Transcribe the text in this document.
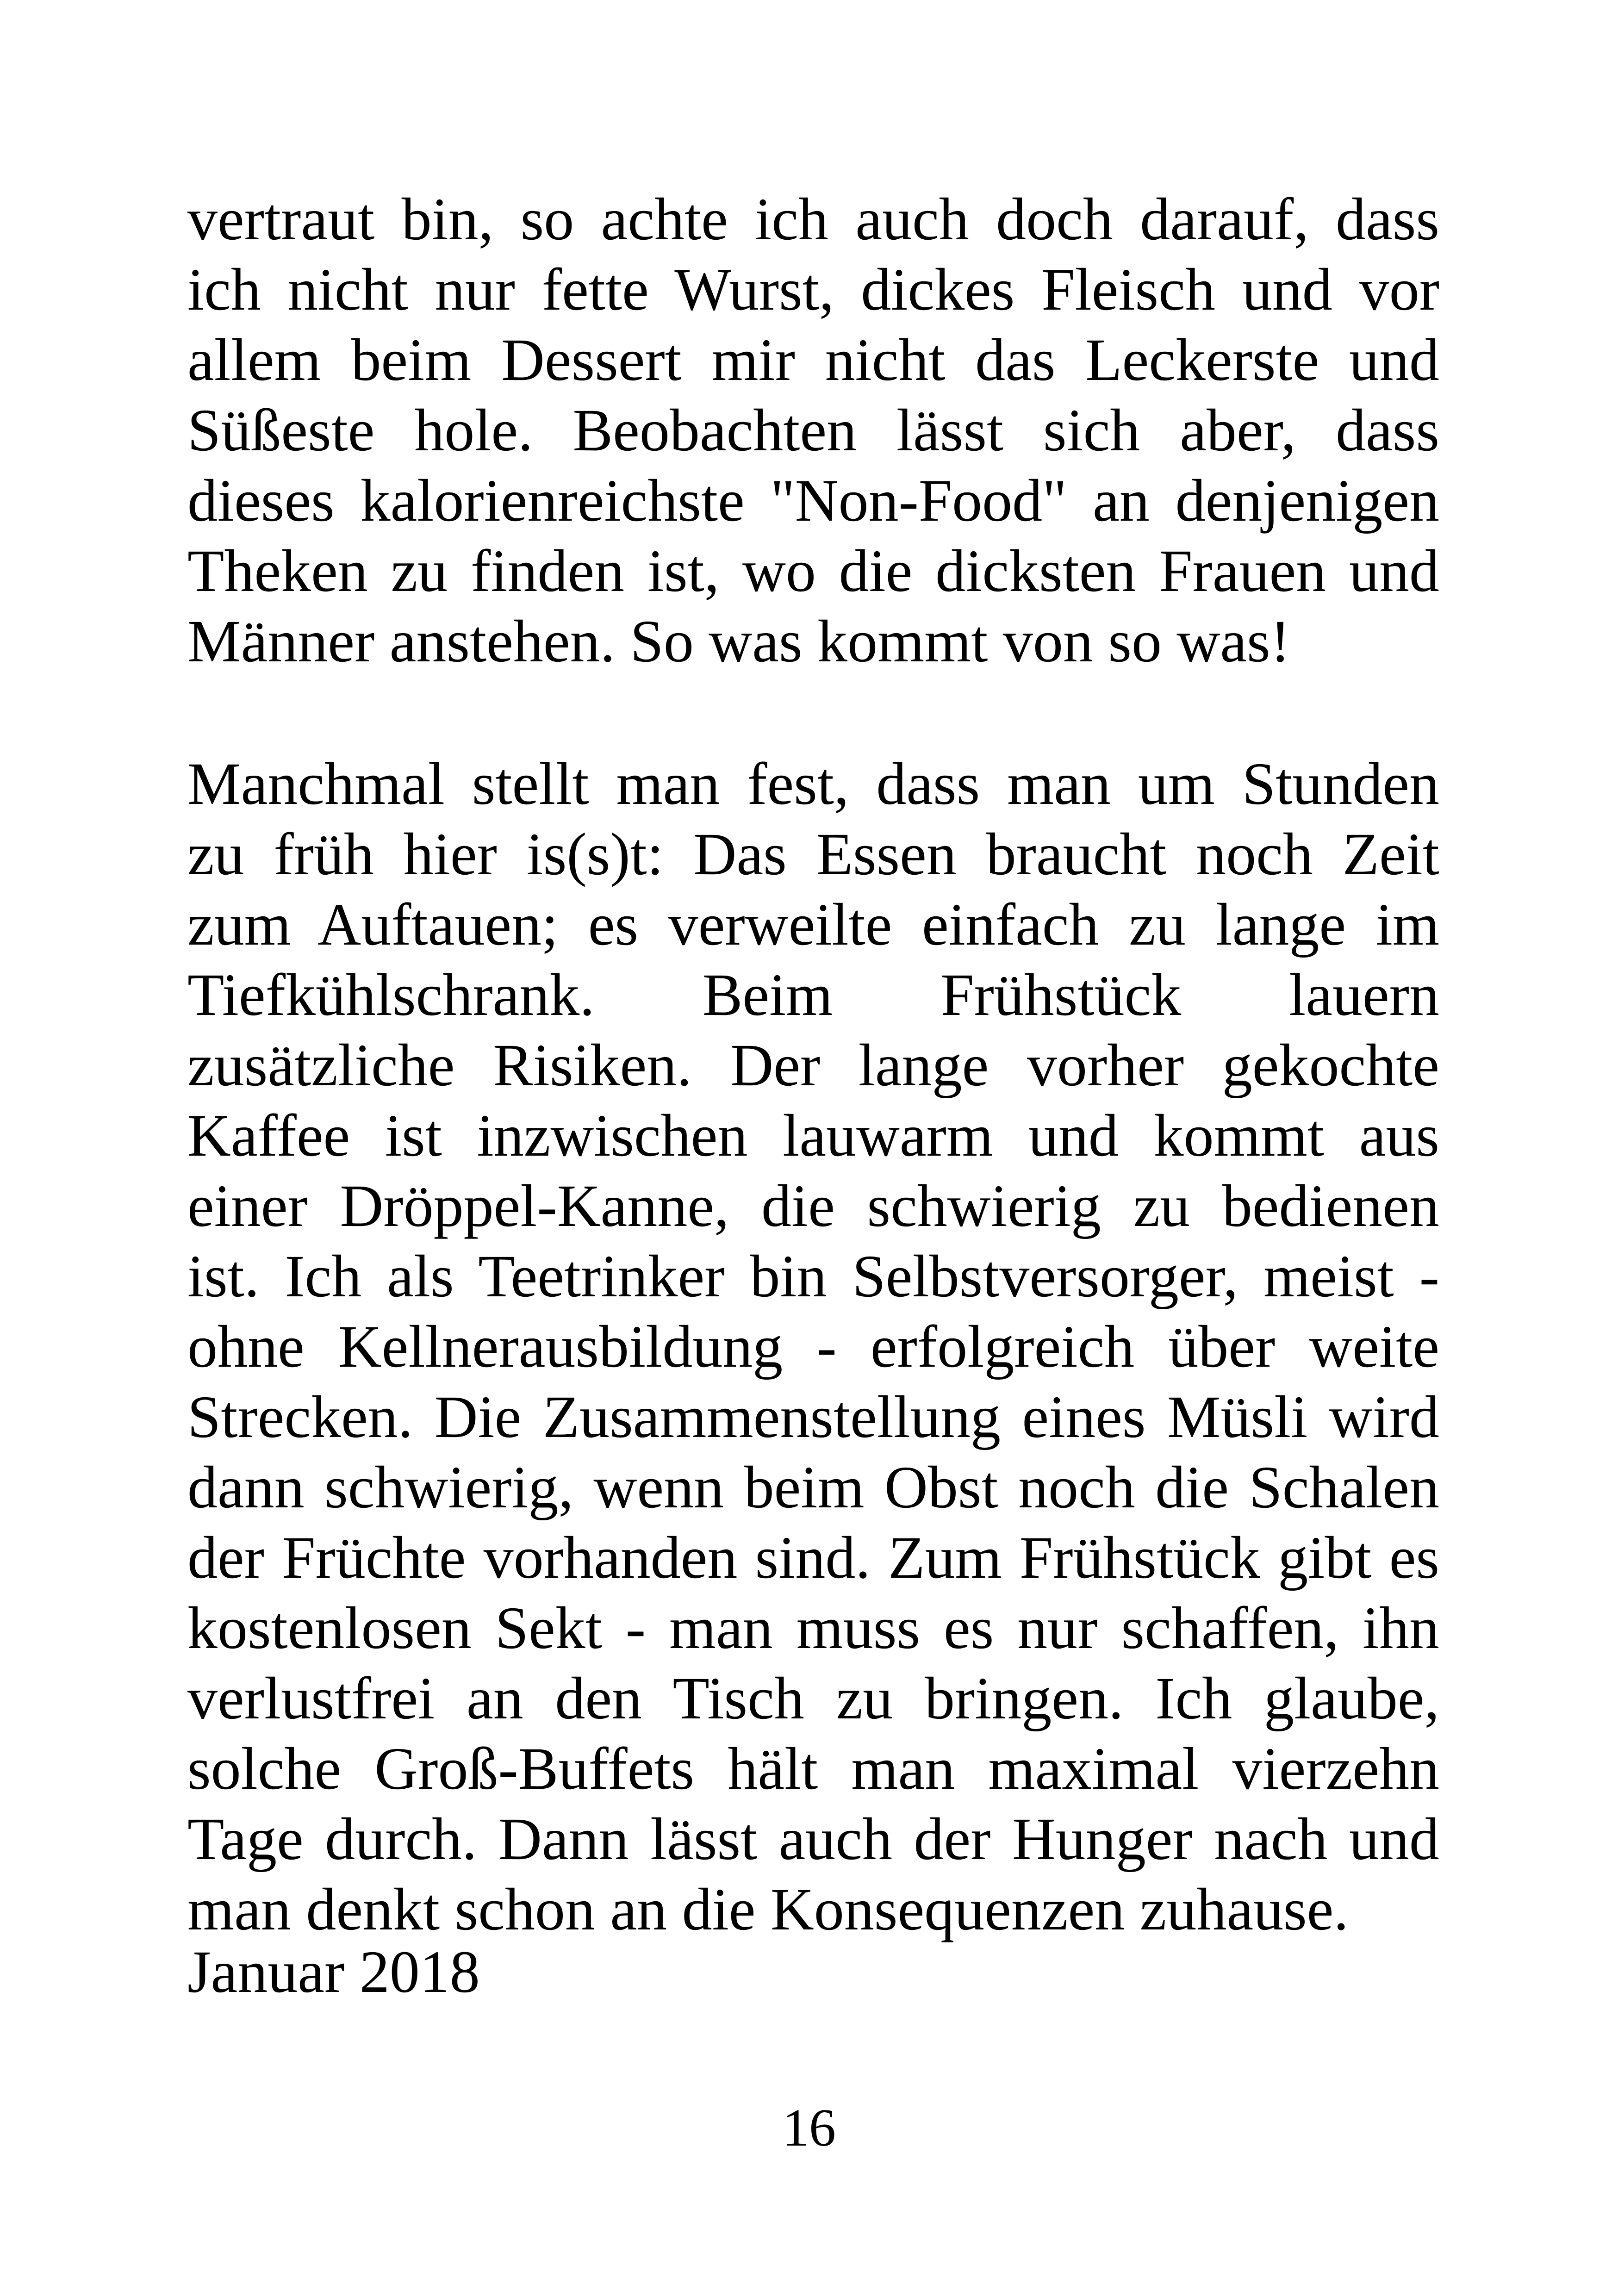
vertraut bin, so achte ich auch doch darauf, dass
ich nicht nur fette Wurst, dickes Fleisch und vor
allem beim Dessert mir nicht das Leckerste und
Süßeste hole. Beobachten lässt sich aber, dass
dieses kalorienreichste "Non-Food" an denjenigen
Theken zu finden ist, wo die dicksten Frauen und
Männer anstehen. So was kommt von so was!
Manchmal stellt man fest, dass man um Stunden
zu früh hier is(s)t: Das Essen braucht noch Zeit
zum Auftauen; es verweilte einfach zu lange im
Tiefkühlschrank. Beim Frühstück lauern
zusätzliche Risiken. Der lange vorher gekochte
Kaffee ist inzwischen lauwarm und kommt aus
einer Dröppel-Kanne, die schwierig zu bedienen
ist. Ich als Teetrinker bin Selbstversorger, meist -
ohne Kellnerausbildung - erfolgreich über weite
Strecken. Die Zusammenstellung eines Müsli wird
dann schwierig, wenn beim Obst noch die Schalen
der Früchte vorhanden sind. Zum Frühstück gibt es
kostenlosen Sekt - man muss es nur schaffen, ihn
verlustfrei an den Tisch zu bringen. Ich glaube,
solche Groß-Buffets hält man maximal vierzehn
Tage durch. Dann lässt auch der Hunger nach und
man denkt schon an die Konsequenzen zuhause.
Januar 2018
16
